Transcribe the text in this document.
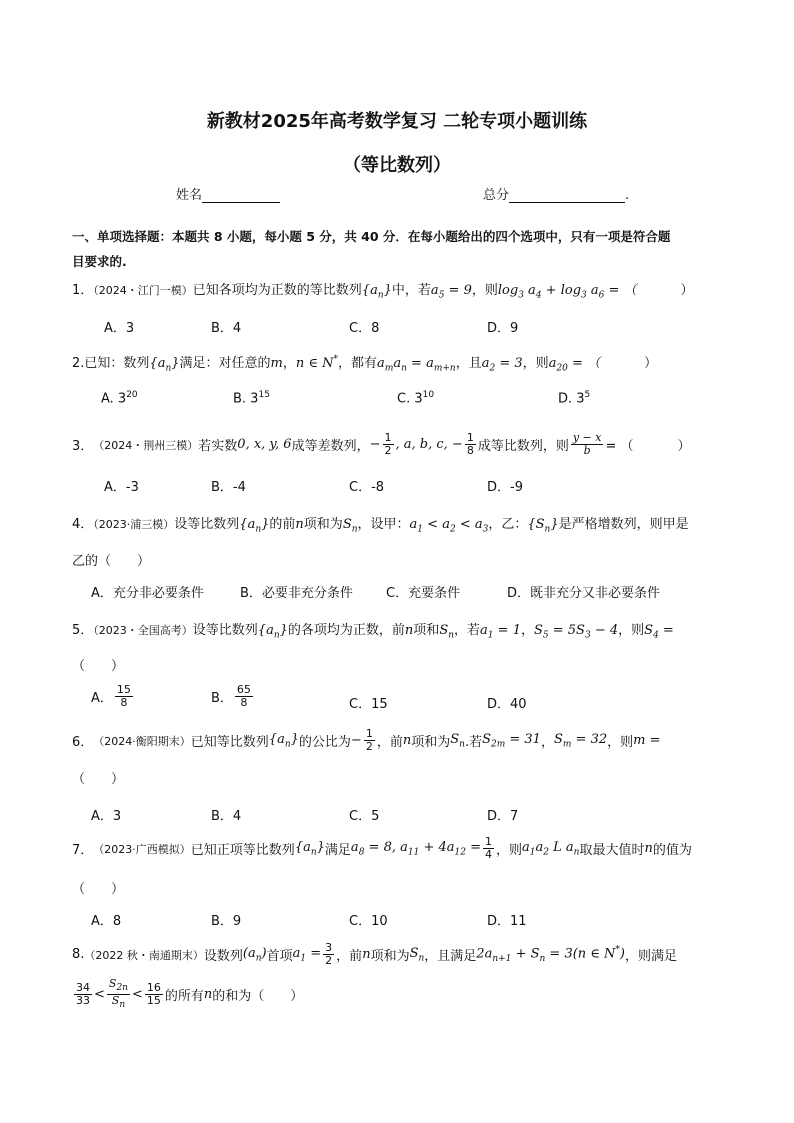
新教材2025年高考数学复习 二轮专项小题训练
（等比数列）
姓名	总分	.
一、单项选择题：本题共 8 小题，每小题 5 分，共 40 分．在每小题给出的四个选项中，只有一项是符合题
目要求的.
1．（2024・江门一模）已知各项均为正数的等比数列$\{a_n\}$中，若$a_5 = 9$，则$\log_3 a_4 + \log_3 a_6$ = （	）
A．3	B．4	C．8	D．9
2.已知：数列$\{a_n\}$满足：对任意的m，n ∈ N*，都有$a_ma_n = a_{m+n}$，且$a_2 = 3$，则$a_{20}$ = （	）
A. $3^{20}$	B. $3^{15}$	C. $3^{10}$	D. $3^5$
3． （2024・荆州三模） 若实数 0, x, y, 6 成等差数列， − $\frac{1}{2}$ , a, b, c, − $\frac{1}{8}$ 成等比数列，则 $\frac{y - x}{b}$ = （	）
A．-3	B．-4	C．-8	D．-9
4．（2023·浦三模）设等比数列$\{a_n\}$的前n项和为$S_n$，设甲：$a_1 < a_2 < a_3$，乙：$\{S_n\}$是严格增数列，则甲是
乙的（　　）
A．充分非必要条件	B．必要非充分条件	C．充要条件	D．既非充分又非必要条件
5．（2023・全国高考）设等比数列$\{a_n\}$的各项均为正数，前n项和$S_n$，若$a_1 = 1$，$S_5 = 5S_3 - 4$，则$S_4$ =
（　　）
A． $\frac{15}{8}$	B． $\frac{65}{8}$	C．15	D．40
6． （2024·衡阳期末） 已知等比数列 $\{a_n\}$ 的公比为 − $\frac{1}{2}$ ，前 n 项和为 $S_n$ .若 $S_{2m} = 31$ ， $S_m = 32$ ，则 m =
（　　）
A．3	B．4	C．5	D．7
7． （2023·广西模拟） 已知正项等比数列 $\{a_n\}$ 满足 $a_8 = 8$, $a_{11} + 4a_{12} = \frac{1}{4}$ ，则 $a_1a_2$ L $a_n$ 取最大值时 n 的值为
（　　）
A．8	B．9	C．10	D．11
8. （2022 秋・南通期末） 设数列 $(a_n)$ 首项 $a_1 = \frac{3}{2}$ ，前 n 项和为 $S_n$ ，且满足 $2a_{n+1} + S_n = 3(n$ ∈ N*) ，则满足
$\frac{34}{33} < \frac{S_{2n}}{S_n} < \frac{16}{15}$ 的所有 n 的和为（　　）
